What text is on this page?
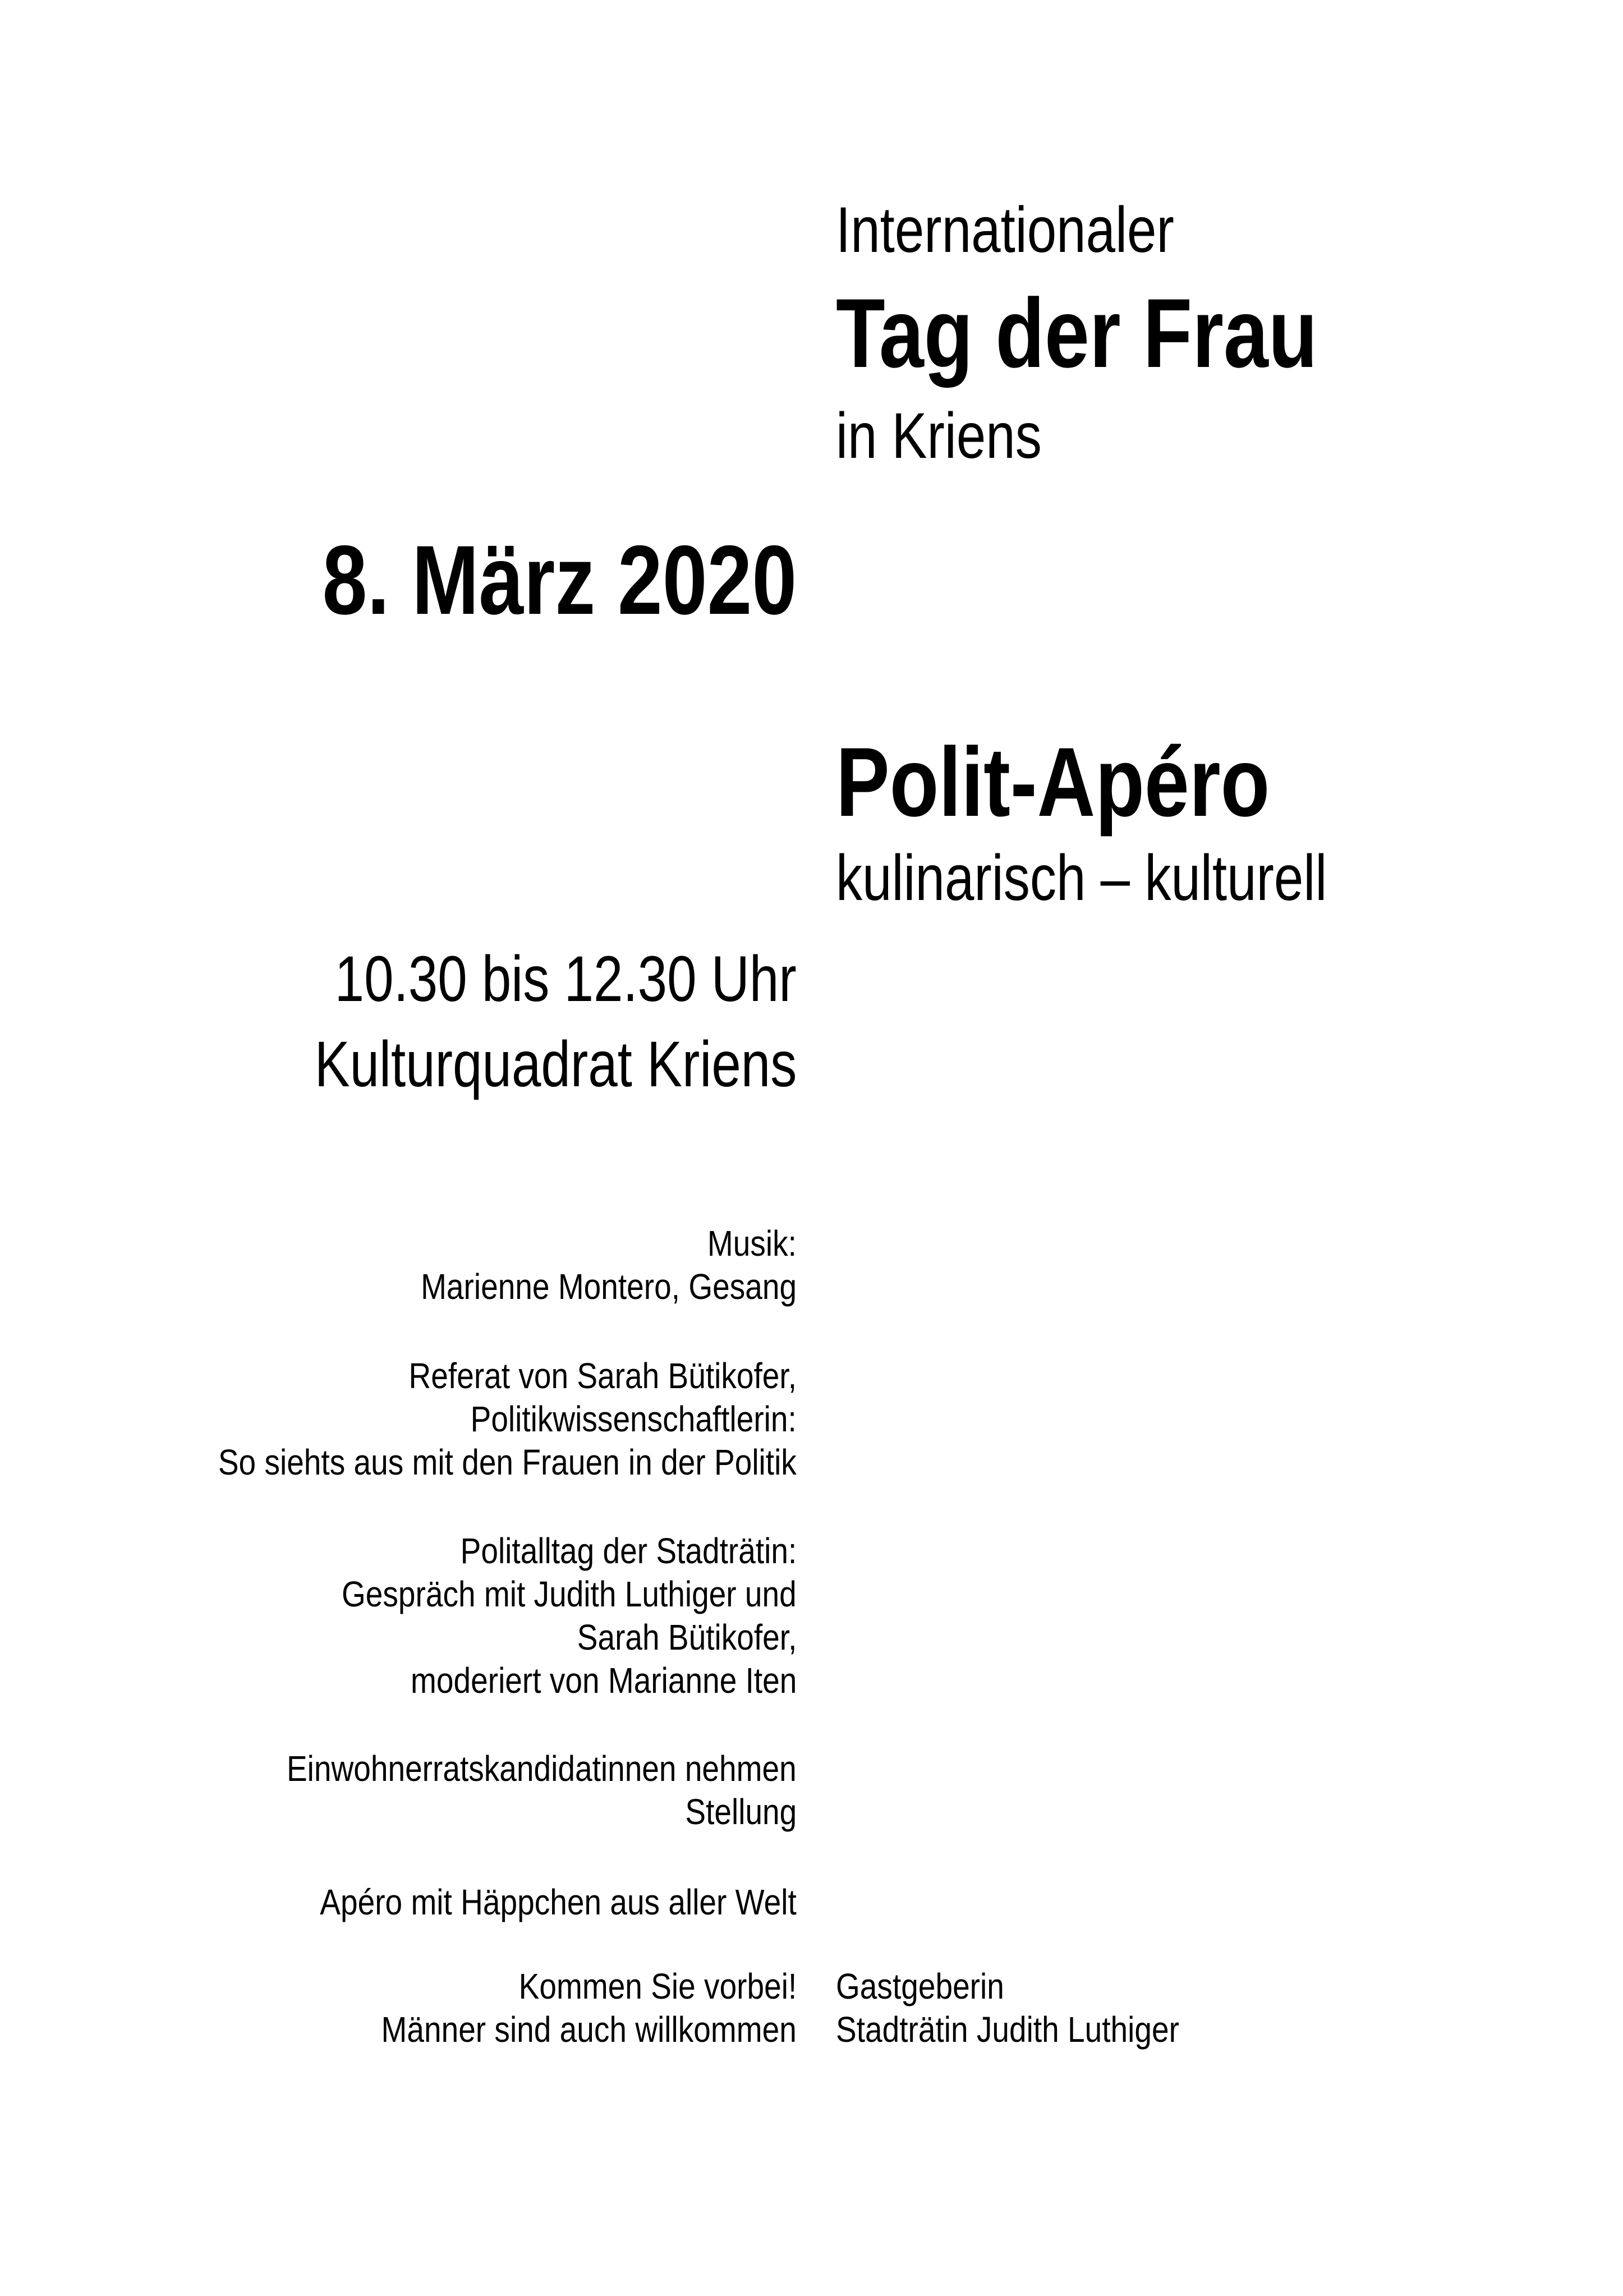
Internationaler
Tag der Frau
in Kriens
8. März 2020
Polit-Apéro
kulinarisch – kulturell
10.30 bis 12.30 Uhr
Kulturquadrat Kriens
Musik:
Marienne Montero, Gesang
Referat von Sarah Bütikofer,
Politikwissenschaftlerin:
So siehts aus mit den Frauen in der Politik
Politalltag der Stadträtin:
Gespräch mit Judith Luthiger und
Sarah Bütikofer,
moderiert von Marianne Iten
Einwohnerratskandidatinnen nehmen
Stellung
Apéro mit Häppchen aus aller Welt
Kommen Sie vorbei!
Männer sind auch willkommen
Gastgeberin
Stadträtin Judith Luthiger
